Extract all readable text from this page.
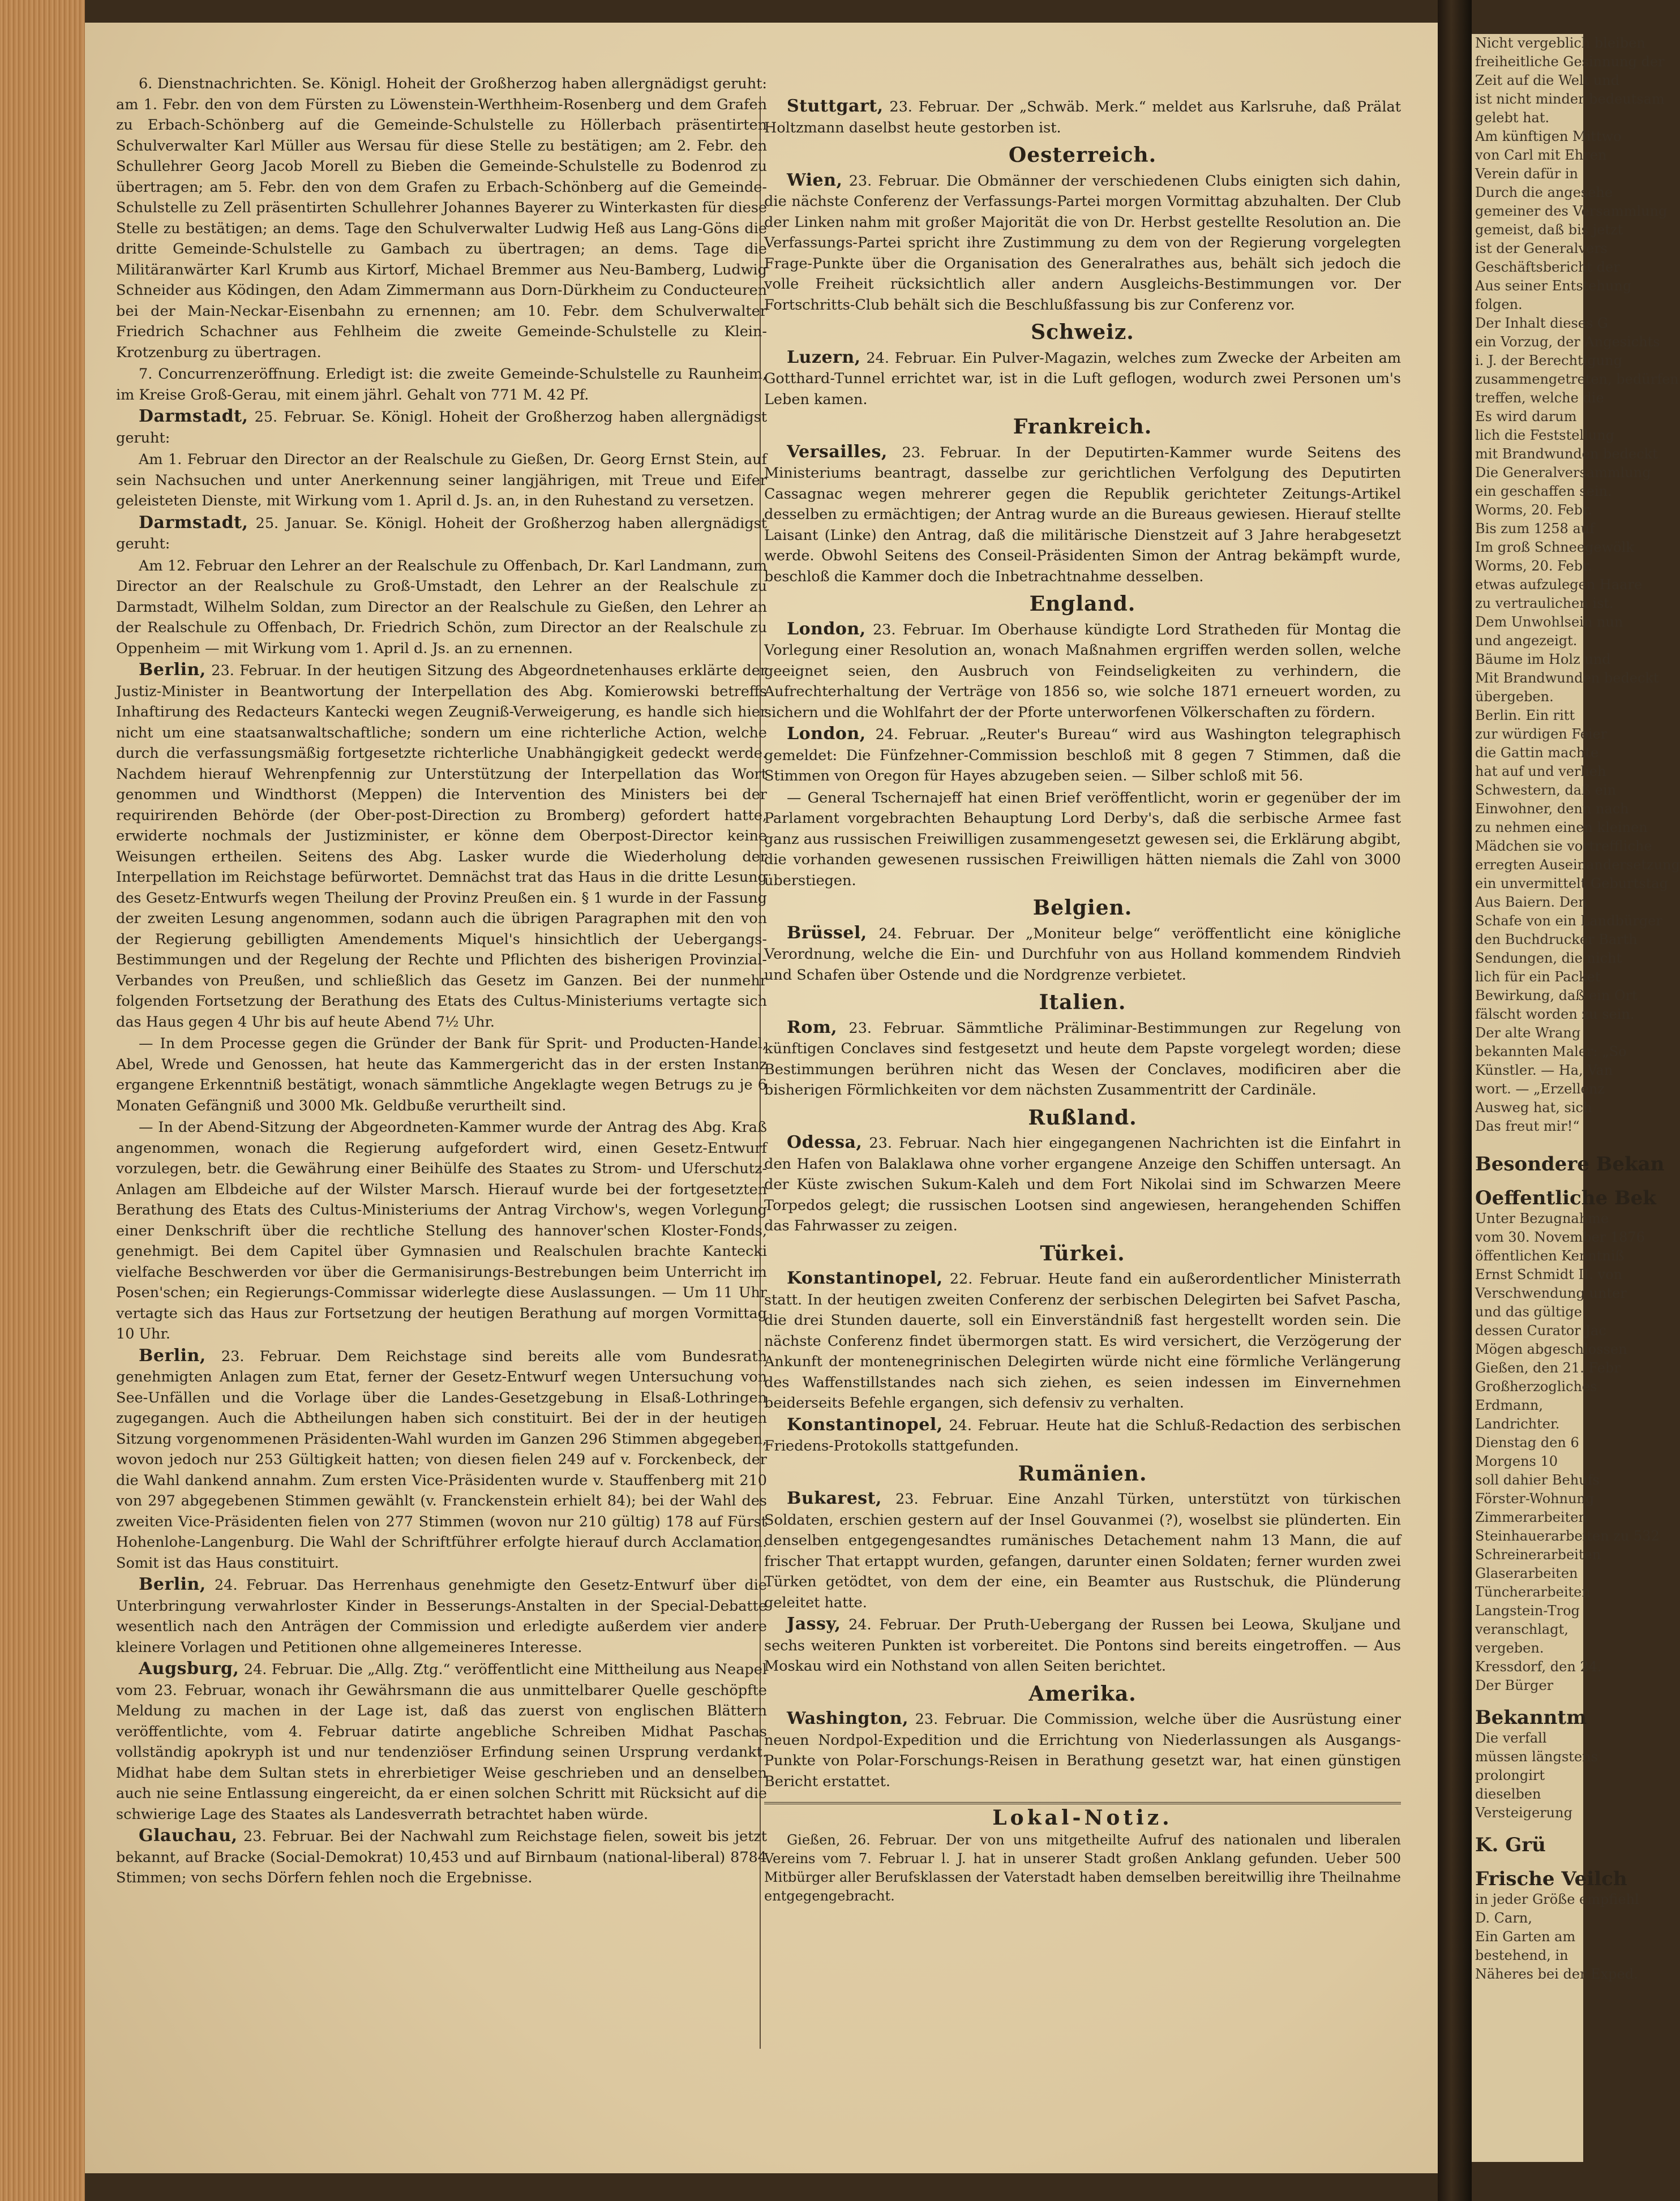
6. Dienstnachrichten. Se. Königl. Hoheit der Großherzog haben allergnädigst geruht: am 1. Febr. den von dem Fürsten zu Löwenstein-Werthheim-Rosenberg und dem Grafen zu Erbach-Schönberg auf die Gemeinde-Schulstelle zu Höllerbach präsentirten Schulverwalter Karl Müller aus Wersau für diese Stelle zu bestätigen; am 2. Febr. den Schullehrer Georg Jacob Morell zu Bieben die Gemeinde-Schulstelle zu Bodenrod zu übertragen; am 5. Febr. den von dem Grafen zu Erbach-Schönberg auf die Gemeinde-Schulstelle zu Zell präsentirten Schullehrer Johannes Bayerer zu Winterkasten für diese Stelle zu bestätigen; an dems. Tage den Schulverwalter Ludwig Heß aus Lang-Göns die dritte Gemeinde-Schulstelle zu Gambach zu übertragen; an dems. Tage die Militäranwärter Karl Krumb aus Kirtorf, Michael Bremmer aus Neu-Bamberg, Ludwig Schneider aus Ködingen, den Adam Zimmermann aus Dorn-Dürkheim zu Conducteuren bei der Main-Neckar-Eisenbahn zu ernennen; am 10. Febr. dem Schulverwalter Friedrich Schachner aus Fehlheim die zweite Gemeinde-Schulstelle zu Klein-Krotzenburg zu übertragen.

7. Concurrenzeröffnung. Erledigt ist: die zweite Gemeinde-Schulstelle zu Raunheim, im Kreise Groß-Gerau, mit einem jährl. Gehalt von 771 M. 42 Pf.

Darmstadt, 25. Februar. Se. Königl. Hoheit der Großherzog haben allergnädigst geruht:

Am 1. Februar den Director an der Realschule zu Gießen, Dr. Georg Ernst Stein, auf sein Nachsuchen und unter Anerkennung seiner langjährigen, mit Treue und Eifer geleisteten Dienste, mit Wirkung vom 1. April d. Js. an, in den Ruhestand zu versetzen.

Darmstadt, 25. Januar. Se. Königl. Hoheit der Großherzog haben allergnädigst geruht:

Am 12. Februar den Lehrer an der Realschule zu Offenbach, Dr. Karl Landmann, zum Director an der Realschule zu Groß-Umstadt, den Lehrer an der Realschule zu Darmstadt, Wilhelm Soldan, zum Director an der Realschule zu Gießen, den Lehrer an der Realschule zu Offenbach, Dr. Friedrich Schön, zum Director an der Realschule zu Oppenheim — mit Wirkung vom 1. April d. Js. an zu ernennen.

Berlin, 23. Februar. In der heutigen Sitzung des Abgeordnetenhauses erklärte der Justiz-Minister in Beantwortung der Interpellation des Abg. Komierowski betreffs Inhaftirung des Redacteurs Kantecki wegen Zeugniß-Verweigerung, es handle sich hier nicht um eine staatsanwaltschaftliche; sondern um eine richterliche Action, welche durch die verfassungsmäßig fortgesetzte richterliche Unabhängigkeit gedeckt werde. Nachdem hierauf Wehrenpfennig zur Unterstützung der Interpellation das Wort genommen und Windthorst (Meppen) die Intervention des Ministers bei der requirirenden Behörde (der Ober-post-Direction zu Bromberg) gefordert hatte, erwiderte nochmals der Justizminister, er könne dem Oberpost-Director keine Weisungen ertheilen. Seitens des Abg. Lasker wurde die Wiederholung der Interpellation im Reichstage befürwortet. Demnächst trat das Haus in die dritte Lesung des Gesetz-Entwurfs wegen Theilung der Provinz Preußen ein. § 1 wurde in der Fassung der zweiten Lesung angenommen, sodann auch die übrigen Paragraphen mit den von der Regierung gebilligten Amendements Miquel's hinsichtlich der Uebergangs-Bestimmungen und der Regelung der Rechte und Pflichten des bisherigen Provinzial-Verbandes von Preußen, und schließlich das Gesetz im Ganzen. Bei der nunmehr folgenden Fortsetzung der Berathung des Etats des Cultus-Ministeriums vertagte sich das Haus gegen 4 Uhr bis auf heute Abend 7½ Uhr.

— In dem Processe gegen die Gründer der Bank für Sprit- und Producten-Handel, Abel, Wrede und Genossen, hat heute das Kammergericht das in der ersten Instanz ergangene Erkenntniß bestätigt, wonach sämmtliche Angeklagte wegen Betrugs zu je 6 Monaten Gefängniß und 3000 Mk. Geldbuße verurtheilt sind.

— In der Abend-Sitzung der Abgeordneten-Kammer wurde der Antrag des Abg. Kraß angenommen, wonach die Regierung aufgefordert wird, einen Gesetz-Entwurf vorzulegen, betr. die Gewährung einer Beihülfe des Staates zu Strom- und Uferschutz-Anlagen am Elbdeiche auf der Wilster Marsch. Hierauf wurde bei der fortgesetzten Berathung des Etats des Cultus-Ministeriums der Antrag Virchow's, wegen Vorlegung einer Denkschrift über die rechtliche Stellung des hannover'schen Kloster-Fonds, genehmigt. Bei dem Capitel über Gymnasien und Realschulen brachte Kantecki vielfache Beschwerden vor über die Germanisirungs-Bestrebungen beim Unterricht im Posen'schen; ein Regierungs-Commissar widerlegte diese Auslassungen. — Um 11 Uhr vertagte sich das Haus zur Fortsetzung der heutigen Berathung auf morgen Vormittag 10 Uhr.

Berlin, 23. Februar. Dem Reichstage sind bereits alle vom Bundesrath genehmigten Anlagen zum Etat, ferner der Gesetz-Entwurf wegen Untersuchung von See-Unfällen und die Vorlage über die Landes-Gesetzgebung in Elsaß-Lothringen zugegangen. Auch die Abtheilungen haben sich constituirt. Bei der in der heutigen Sitzung vorgenommenen Präsidenten-Wahl wurden im Ganzen 296 Stimmen abgegeben, wovon jedoch nur 253 Gültigkeit hatten; von diesen fielen 249 auf v. Forckenbeck, der die Wahl dankend annahm. Zum ersten Vice-Präsidenten wurde v. Stauffenberg mit 210 von 297 abgegebenen Stimmen gewählt (v. Franckenstein erhielt 84); bei der Wahl des zweiten Vice-Präsidenten fielen von 277 Stimmen (wovon nur 210 gültig) 178 auf Fürst Hohenlohe-Langenburg. Die Wahl der Schriftführer erfolgte hierauf durch Acclamation. Somit ist das Haus constituirt.

Berlin, 24. Februar. Das Herrenhaus genehmigte den Gesetz-Entwurf über die Unterbringung verwahrloster Kinder in Besserungs-Anstalten in der Special-Debatte wesentlich nach den Anträgen der Commission und erledigte außerdem vier andere kleinere Vorlagen und Petitionen ohne allgemeineres Interesse.

Augsburg, 24. Februar. Die „Allg. Ztg.“ veröffentlicht eine Mittheilung aus Neapel vom 23. Februar, wonach ihr Gewährsmann die aus unmittelbarer Quelle geschöpfte Meldung zu machen in der Lage ist, daß das zuerst von englischen Blättern veröffentlichte, vom 4. Februar datirte angebliche Schreiben Midhat Paschas vollständig apokryph ist und nur tendenziöser Erfindung seinen Ursprung verdankt. Midhat habe dem Sultan stets in ehrerbietiger Weise geschrieben und an denselben auch nie seine Entlassung eingereicht, da er einen solchen Schritt mit Rücksicht auf die schwierige Lage des Staates als Landesverrath betrachtet haben würde.

Glauchau, 23. Februar. Bei der Nachwahl zum Reichstage fielen, soweit bis jetzt bekannt, auf Bracke (Social-Demokrat) 10,453 und auf Birnbaum (national-liberal) 8784 Stimmen; von sechs Dörfern fehlen noch die Ergebnisse.

Stuttgart, 23. Februar. Der „Schwäb. Merk.“ meldet aus Karlsruhe, daß Prälat Holtzmann daselbst heute gestorben ist.

Oesterreich.

Wien, 23. Februar. Die Obmänner der verschiedenen Clubs einigten sich dahin, die nächste Conferenz der Verfassungs-Partei morgen Vormittag abzuhalten. Der Club der Linken nahm mit großer Majorität die von Dr. Herbst gestellte Resolution an. Die Verfassungs-Partei spricht ihre Zustimmung zu dem von der Regierung vorgelegten Frage-Punkte über die Organisation des Generalrathes aus, behält sich jedoch die volle Freiheit rücksichtlich aller andern Ausgleichs-Bestimmungen vor. Der Fortschritts-Club behält sich die Beschlußfassung bis zur Conferenz vor.

Schweiz.

Luzern, 24. Februar. Ein Pulver-Magazin, welches zum Zwecke der Arbeiten am Gotthard-Tunnel errichtet war, ist in die Luft geflogen, wodurch zwei Personen um's Leben kamen.

Frankreich.

Versailles, 23. Februar. In der Deputirten-Kammer wurde Seitens des Ministeriums beantragt, dasselbe zur gerichtlichen Verfolgung des Deputirten Cassagnac wegen mehrerer gegen die Republik gerichteter Zeitungs-Artikel desselben zu ermächtigen; der Antrag wurde an die Bureaus gewiesen. Hierauf stellte Laisant (Linke) den Antrag, daß die militärische Dienstzeit auf 3 Jahre herabgesetzt werde. Obwohl Seitens des Conseil-Präsidenten Simon der Antrag bekämpft wurde, beschloß die Kammer doch die Inbetrachtnahme desselben.

England.

London, 23. Februar. Im Oberhause kündigte Lord Stratheden für Montag die Vorlegung einer Resolution an, wonach Maßnahmen ergriffen werden sollen, welche geeignet seien, den Ausbruch von Feindseligkeiten zu verhindern, die Aufrechterhaltung der Verträge von 1856 so, wie solche 1871 erneuert worden, zu sichern und die Wohlfahrt der der Pforte unterworfenen Völkerschaften zu fördern.

London, 24. Februar. „Reuter's Bureau“ wird aus Washington telegraphisch gemeldet: Die Fünfzehner-Commission beschloß mit 8 gegen 7 Stimmen, daß die Stimmen von Oregon für Hayes abzugeben seien. — Silber schloß mit 56.

— General Tschernajeff hat einen Brief veröffentlicht, worin er gegenüber der im Parlament vorgebrachten Behauptung Lord Derby's, daß die serbische Armee fast ganz aus russischen Freiwilligen zusammengesetzt gewesen sei, die Erklärung abgibt, die vorhanden gewesenen russischen Freiwilligen hätten niemals die Zahl von 3000 überstiegen.

Belgien.

Brüssel, 24. Februar. Der „Moniteur belge“ veröffentlicht eine königliche Verordnung, welche die Ein- und Durchfuhr von aus Holland kommendem Rindvieh und Schafen über Ostende und die Nordgrenze verbietet.

Italien.

Rom, 23. Februar. Sämmtliche Präliminar-Bestimmungen zur Regelung von künftigen Conclaves sind festgesetzt und heute dem Papste vorgelegt worden; diese Bestimmungen berühren nicht das Wesen der Conclaves, modificiren aber die bisherigen Förmlichkeiten vor dem nächsten Zusammentritt der Cardinäle.

Rußland.

Odessa, 23. Februar. Nach hier eingegangenen Nachrichten ist die Einfahrt in den Hafen von Balaklawa ohne vorher ergangene Anzeige den Schiffen untersagt. An der Küste zwischen Sukum-Kaleh und dem Fort Nikolai sind im Schwarzen Meere Torpedos gelegt; die russischen Lootsen sind angewiesen, herangehenden Schiffen das Fahrwasser zu zeigen.

Türkei.

Konstantinopel, 22. Februar. Heute fand ein außerordentlicher Ministerrath statt. In der heutigen zweiten Conferenz der serbischen Delegirten bei Safvet Pascha, die drei Stunden dauerte, soll ein Einverständniß fast hergestellt worden sein. Die nächste Conferenz findet übermorgen statt. Es wird versichert, die Verzögerung der Ankunft der montenegrinischen Delegirten würde nicht eine förmliche Verlängerung des Waffenstillstandes nach sich ziehen, es seien indessen im Einvernehmen beiderseits Befehle ergangen, sich defensiv zu verhalten.

Konstantinopel, 24. Februar. Heute hat die Schluß-Redaction des serbischen Friedens-Protokolls stattgefunden.

Rumänien.

Bukarest, 23. Februar. Eine Anzahl Türken, unterstützt von türkischen Soldaten, erschien gestern auf der Insel Gouvanmei (?), woselbst sie plünderten. Ein denselben entgegengesandtes rumänisches Detachement nahm 13 Mann, die auf frischer That ertappt wurden, gefangen, darunter einen Soldaten; ferner wurden zwei Türken getödtet, von dem der eine, ein Beamter aus Rustschuk, die Plünderung geleitet hatte.

Jassy, 24. Februar. Der Pruth-Uebergang der Russen bei Leowa, Skuljane und sechs weiteren Punkten ist vorbereitet. Die Pontons sind bereits eingetroffen. — Aus Moskau wird ein Nothstand von allen Seiten berichtet.

Amerika.

Washington, 23. Februar. Die Commission, welche über die Ausrüstung einer neuen Nordpol-Expedition und die Errichtung von Niederlassungen als Ausgangs-Punkte von Polar-Forschungs-Reisen in Berathung gesetzt war, hat einen günstigen Bericht erstattet.

Lokal-Notiz.
Gießen, 26. Februar. Der von uns mitgetheilte Aufruf des nationalen und liberalen Vereins vom 7. Februar l. J. hat in unserer Stadt großen Anklang gefunden. Ueber 500 Mitbürger aller Berufsklassen der Vaterstadt haben demselben bereitwillig ihre Theilnahme entgegengebracht.
Nicht vergeblich bleiben
freiheitliche Gesinnung der
Zeit auf die Welt und
ist nicht minder bedeutsam
gelebt hat.
Am künftigen Mittwo
von Carl mit Ehren
Verein dafür in
Durch die angesehe
gemeiner des Versammlung
gemeist, daß bis jetzt
ist der Generalvers
Geschäftsbericht der
Aus seiner Entstehung
folgen.
Der Inhalt dieses G
ein Vorzug, der Angesichts
i. J. der Berechtigung
zusammengetreten, bedürfen
treffen, welche die
Es wird darum
lich die Feststellung
mit Brandwunden bedeckt
Die Generalversammlung
ein geschaffen sein.
Worms, 20. Febr.
Bis zum 1258 auf
Im groß Schneegewölk
Worms, 20. Febr.
etwas aufzulegen Haare
zu vertraulichen ist.
Dem Unwohlsein nun
und angezeigt.
Bäume im Holz und
Mit Brandwunden bedeckt
übergeben.
Berlin. Ein ritt
zur würdigen Feier
die Gattin machte
hat auf und verlieh
Schwestern, daß ein
Einwohner, denn nach
zu nehmen einen kleinen
Mädchen sie vortreffliche
erregten Auseinandersetzung
ein unvermittelt Geburtstag
Aus Baiern. Den
Schafe von ein Landbürger
den Buchdrucker Barth
Sendungen, die nicht
lich für ein Packet
Bewirkung, daß ein Ort
fälscht worden zu sein.
Der alte Wrang
bekannten Maler: „So
Künstler. — Ha, Van
wort. — „Erzellenz
Ausweg hat, sich
Das freut mir!“
Besondere Bekan
Oeffentliche Bek
Unter Bezugnahme
vom 30. November 1876
öffentlichen Kenntniß
Ernst Schmidt II. von
Verschwendung unter
und das gültige
dessen Curator Jac
Mögen abgeschlossen
Gießen, den 21. Febr
Großherzogliches
Erdmann,
Landrichter.
Dienstag den 6
Morgens 10
soll dahier Behufs
Förster-Wohnung
Zimmerarbeiten
Steinhauerarbeiten zu 532
Schreinerarbeiten
Glaserarbeiten
Tüncherarbeiten
Langstein-Trog
veranschlagt,
vergeben.
Kressdorf, den 24.
Der Bürger
Bekanntm
Die verfall
müssen längstens
prolongirt
dieselben
Versteigerung
K. Grü
Frische Veilch
in jeder Größe empfiehl
D. Carn,
Ein Garten am
bestehend, in
Näheres bei der Exped.
